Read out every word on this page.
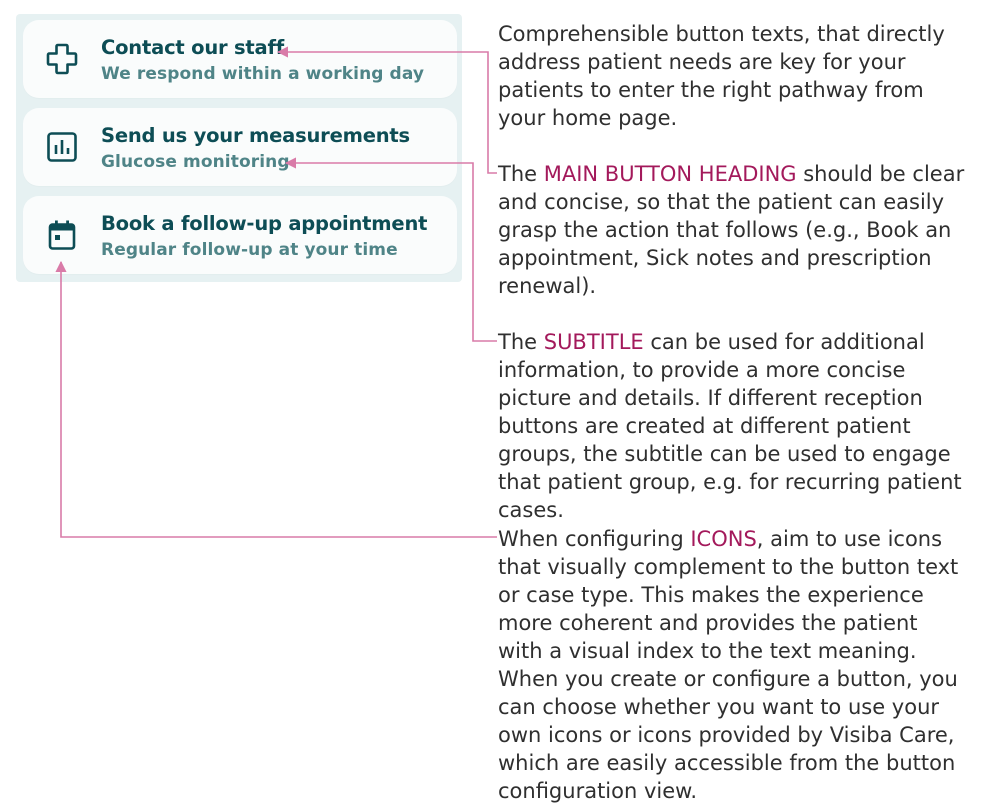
Contact our staff
We respond within a working day
Send us your measurements
Glucose monitoring
Book a follow-up appointment
Regular follow-up at your time
Comprehensible button texts, that directly address patient needs are key for your patients to enter the right pathway from your home page.
The MAIN BUTTON HEADING should be clear and concise, so that the patient can easily grasp the action that follows (e.g., Book an appointment, Sick notes and prescription renewal).
The SUBTITLE can be used for additional information, to provide a more concise picture and details. If different reception buttons are created at different patient groups, the subtitle can be used to engage that patient group, e.g. for recurring patient cases.
When configuring ICONS, aim to use icons that visually complement to the button text or case type. This makes the experience more coherent and provides the patient with a visual index to the text meaning. When you create or configure a button, you can choose whether you want to use your own icons or icons provided by Visiba Care, which are easily accessible from the button configuration view.
